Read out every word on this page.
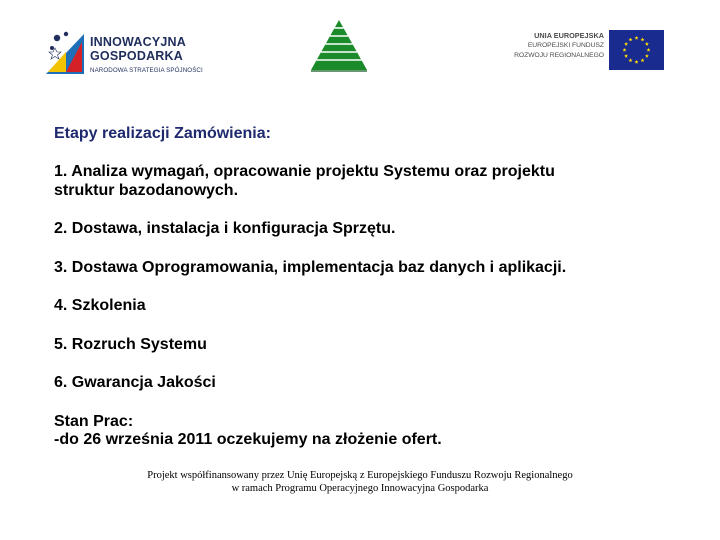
INNOWACYJNA
GOSPODARKA
NARODOWA STRATEGIA SPÓJNOŚCI
UNIA EUROPEJSKA
EUROPEJSKI FUNDUSZ
ROZWOJU REGIONALNEGO
Etapy realizacji Zamówienia:
1. Analiza wymagań, opracowanie projektu Systemu oraz projektu
struktur bazodanowych.
2. Dostawa, instalacja i konfiguracja Sprzętu.
3. Dostawa Oprogramowania, implementacja baz danych i aplikacji.
4. Szkolenia
5. Rozruch Systemu
6. Gwarancja Jakości
Stan Prac:
-do 26 września 2011 oczekujemy na złożenie ofert.
Projekt współfinansowany przez Unię Europejską z Europejskiego Funduszu Rozwoju Regionalnego
w ramach Programu Operacyjnego Innowacyjna Gospodarka
